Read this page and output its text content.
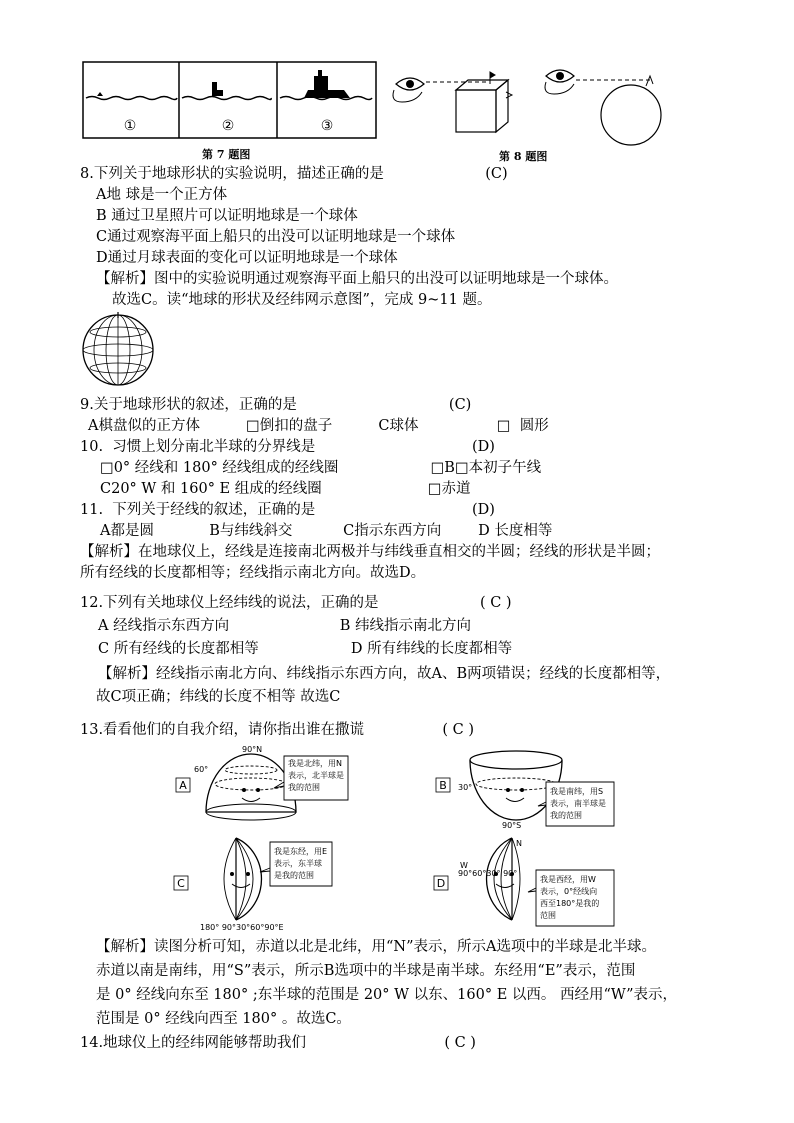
①	②	③
第 7 题图	第 8 题图
8.下列关于地球形状的实验说明，描述正确的是                      (C)
A地 球是一个正方体
B 通过卫星照片可以证明地球是一个球体
C通过观察海平面上船只的出没可以证明地球是一个球体
D通过月球表面的变化可以证明地球是一个球体
【解析】图中的实验说明通过观察海平面上船只的出没可以证明地球是一个球体。
故选C。读“地球的形状及经纬网示意图”，完成 9~11 题。
9.关于地球形状的叙述，正确的是                                 (C)
A棋盘似的正方体          □倒扣的盘子          C球体                 □  圆形
10.  习惯上划分南北半球的分界线是                                  (D)
□0° 经线和 180° 经线组成的经线圈                    □B□本初子午线
C20° W 和 160° E 组成的经线圈                       □赤道
11.  下列关于经线的叙述，正确的是                                  (D)
A都是圆            B与纬线斜交           C指示东西方向        D 长度相等
【解析】在地球仪上，经线是连接南北两极并与纬线垂直相交的半圆；经线的形状是半圆；
所有经线的长度都相等；经线指示南北方向。故选D。
12.下列有关地球仪上经纬线的说法，正确的是                      ( C )
A 经线指示东西方向                        B 纬线指示南北方向
C 所有经线的长度都相等                    D 所有纬线的长度都相等
【解析】经线指示南北方向、纬线指示东西方向，故A、B两项错误；经线的长度都相等，
故C项正确；纬线的长度不相等 故选C
13.看看他们的自我介绍，请你指出谁在撒谎                 ( C )
A
90°N
60°
我是北纬，用N
表示，北半球是
我的范围	B 30°
90°S
我是南纬，用S
表示，南半球是
我的范围
C
180° 90°30°60°90°E
我是东经，用E
表示，东半球
是我的范围
D
N
W
90°60°30° 90°
我是西经，用W
表示，0°经线向
西至180°是我的
范围
【解析】读图分析可知，赤道以北是北纬，用“N”表示，所示A选项中的半球是北半球。
赤道以南是南纬，用“S”表示，所示B选项中的半球是南半球。东经用“E”表示，范围
是 0° 经线向东至 180° ;东半球的范围是 20° W 以东、160° E 以西。 西经用“W”表示，
范围是 0° 经线向西至 180° 。故选C。
14.地球仪上的经纬网能够帮助我们                              ( C )
